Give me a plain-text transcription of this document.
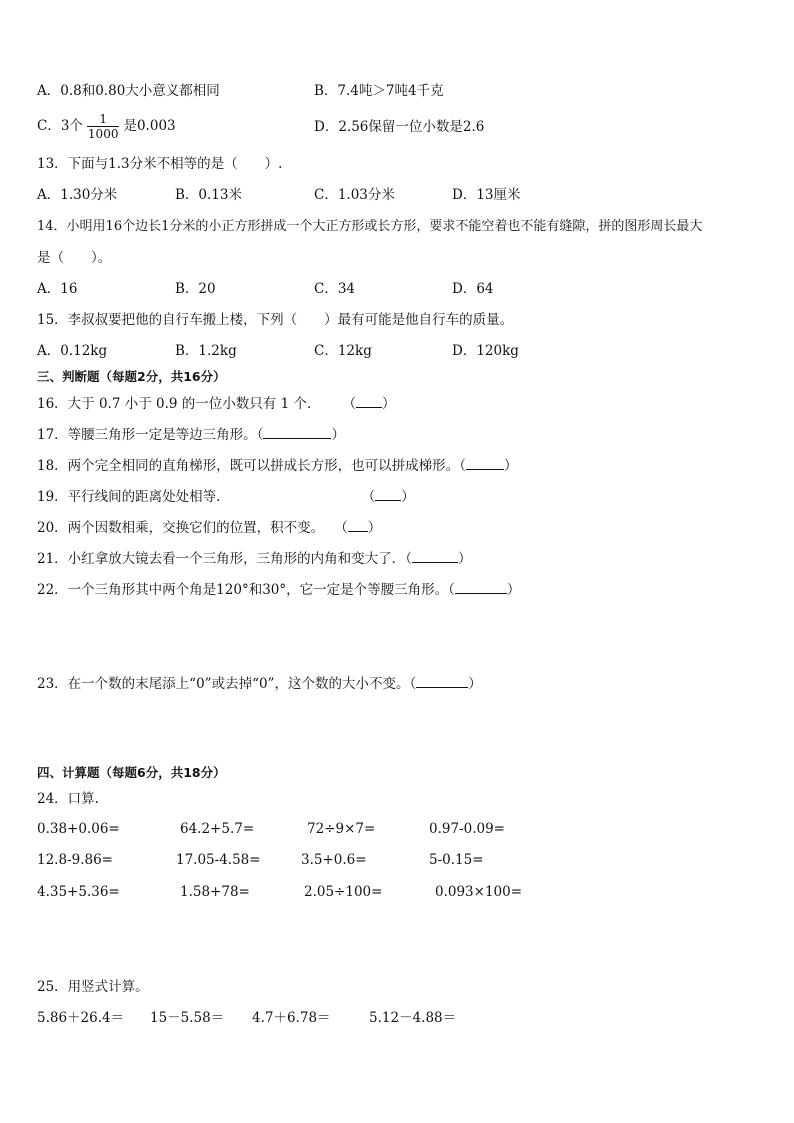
A．0.8和0.80大小意义都相同	B．7.4吨＞7吨4千克
C．3个 $\frac{1}{1000}$ 是0.003	D．2.56保留一位小数是2.6
13．下面与1.3分米不相等的是（　　）.
A．1.30分米	B．0.13米	C．1.03分米	D．13厘米
14．小明用16个边长1分米的小正方形拼成一个大正方形或长方形，要求不能空着也不能有缝隙，拼的图形周长最大
是（　　）。
A．16	B．20	C．34	D．64
15．李叔叔要把他的自行车搬上楼，下列（　　）最有可能是他自行车的质量。
A．0.12kg	B．1.2kg	C．12kg	D．120kg
三、判断题（每题2分，共16分）
16．大于 0.7 小于 0.9 的一位小数只有 1 个． （ ）
17．等腰三角形一定是等边三角形。（	）
18．两个完全相同的直角梯形，既可以拼成长方形，也可以拼成梯形。（	）
19．平行线间的距离处处相等．	（ ）
20．两个因数相乘，交换它们的位置，积不变。 （ ）
21．小红拿放大镜去看一个三角形，三角形的内角和变大了．（	）
22．一个三角形其中两个角是120°和30°，它一定是个等腰三角形。（	）
23．在一个数的末尾添上“0”或去掉“0”，这个数的大小不变。（	）
四、计算题（每题6分，共18分）
24．口算.
0.38+0.06=	64.2+5.7=	72÷9×7=	0.97-0.09=
12.8-9.86=	17.05-4.58=	3.5+0.6=	5-0.15=
4.35+5.36=	1.58+78=	2.05÷100=	0.093×100=
25．用竖式计算。
5.86＋26.4＝ 15－5.58＝ 4.7＋6.78＝	5.12－4.88＝
